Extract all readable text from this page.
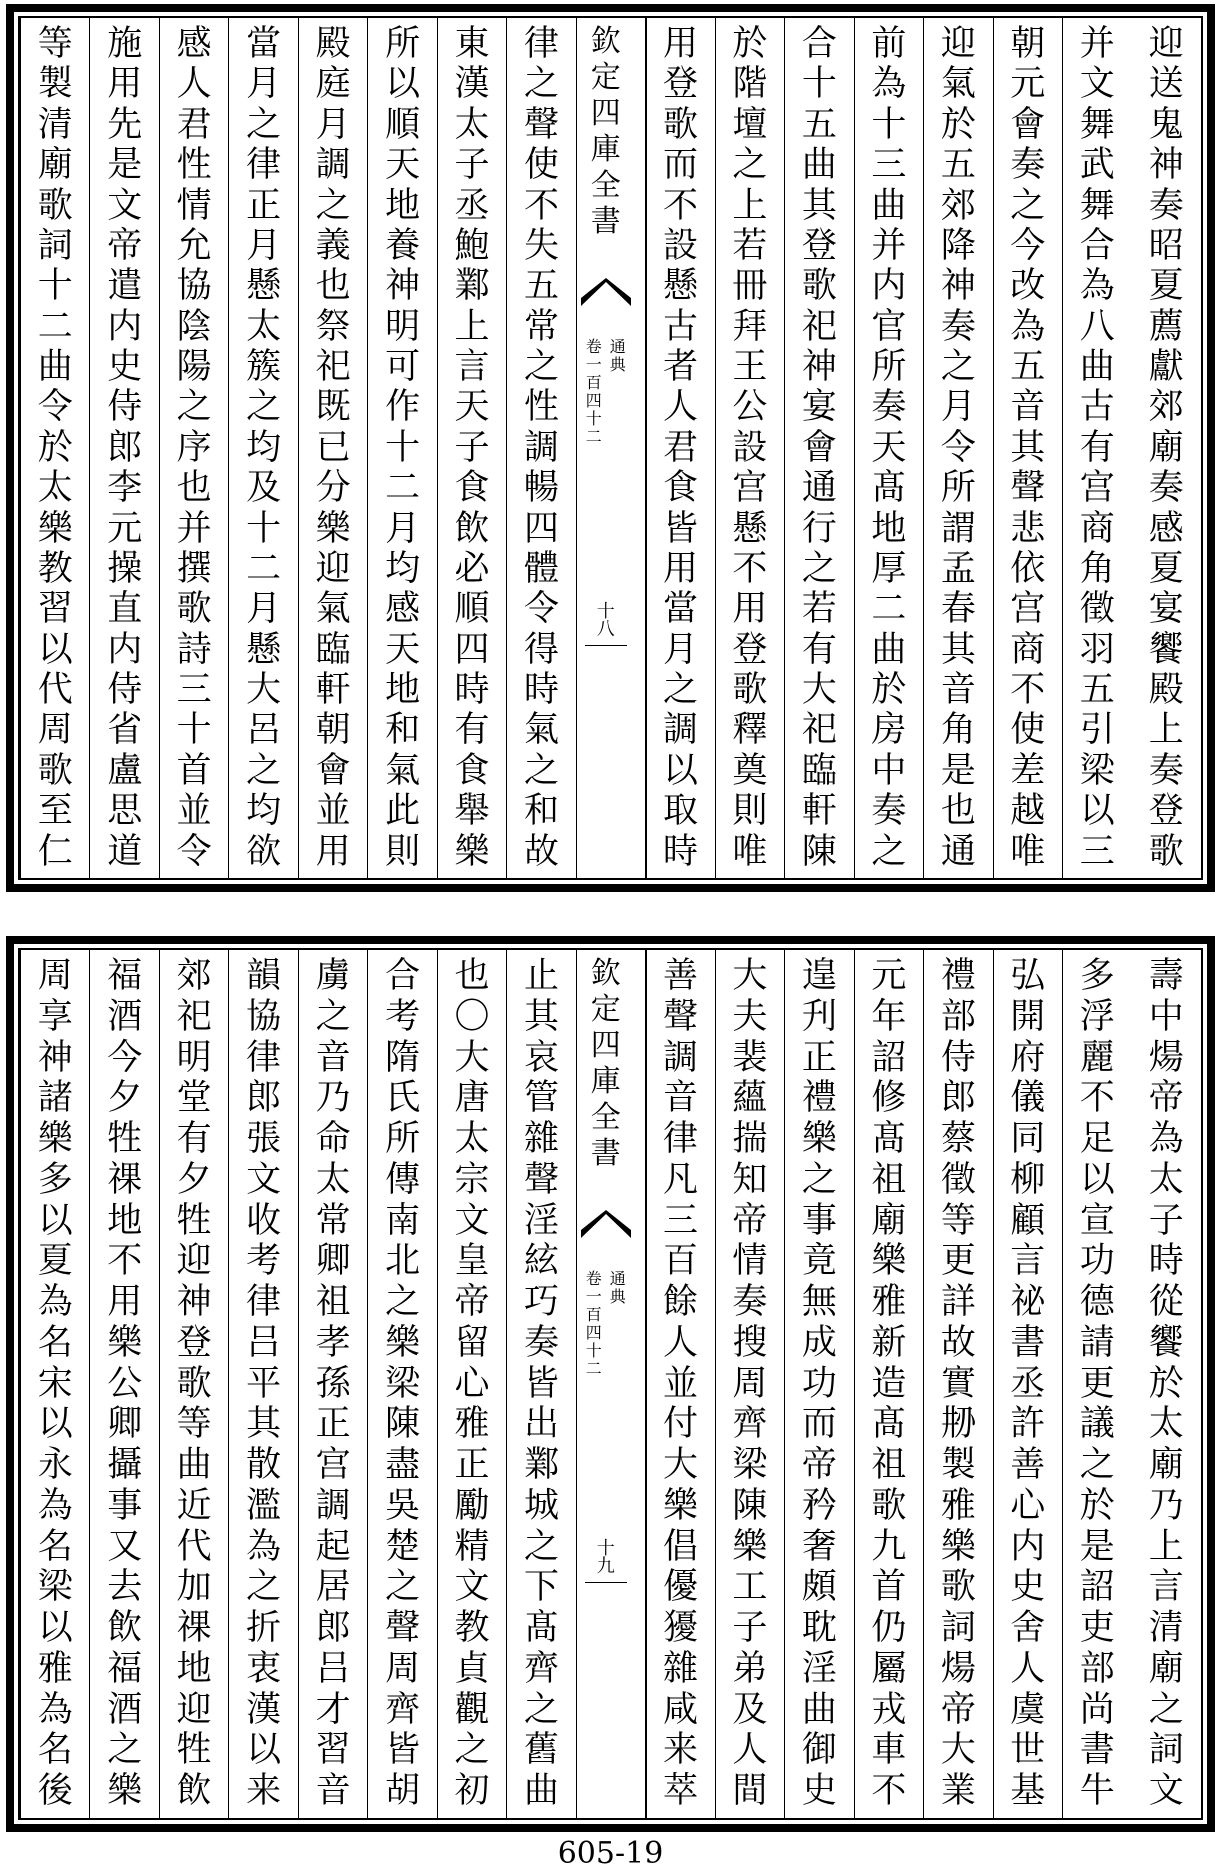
迎
送
鬼
神
奏
昭
夏
薦
獻
郊
廟
奏
感
夏
宴
饗
殿
上
奏
登
歌
并
文
舞
武
舞
合
為
八
曲
古
有
宫
商
角
徵
羽
五
引
梁
以
三
朝
元
會
奏
之
今
改
為
五
音
其
聲
悲
依
宫
商
不
使
差
越
唯
迎
氣
於
五
郊
降
神
奏
之
月
令
所
謂
孟
春
其
音
角
是
也
通
前
為
十
三
曲
并
内
官
所
奏
天
髙
地
厚
二
曲
於
房
中
奏
之
合
十
五
曲
其
登
歌
祀
神
宴
會
通
行
之
若
有
大
祀
臨
軒
陳
於
階
壇
之
上
若
冊
拜
王
公
設
宫
懸
不
用
登
歌
釋
奠
則
唯
用
登
歌
而
不
設
懸
古
者
人
君
食
皆
用
當
月
之
調
以
取
時
欽
定
四
庫
全
書
卷
一
百
四
十
二
通
典
十
八
律
之
聲
使
不
失
五
常
之
性
調
暢
四
體
令
得
時
氣
之
和
故
東
漢
太
子
丞
鮑
鄴
上
言
天
子
食
飲
必
順
四
時
有
食
舉
樂
所
以
順
天
地
養
神
明
可
作
十
二
月
均
感
天
地
和
氣
此
則
殿
庭
月
調
之
義
也
祭
祀
既
已
分
樂
迎
氣
臨
軒
朝
會
並
用
當
月
之
律
正
月
懸
太
簇
之
均
及
十
二
月
懸
大
呂
之
均
欲
感
人
君
性
情
允
協
陰
陽
之
序
也
并
撰
歌
詩
三
十
首
並
令
施
用
先
是
文
帝
遣
内
史
侍
郎
李
元
操
直
内
侍
省
盧
思
道
等
製
清
廟
歌
詞
十
二
曲
令
於
太
樂
教
習
以
代
周
歌
至
仁
壽
中
煬
帝
為
太
子
時
從
饗
於
太
廟
乃
上
言
清
廟
之
詞
文
多
浮
麗
不
足
以
宣
功
德
請
更
議
之
於
是
詔
吏
部
尚
書
牛
弘
開
府
儀
同
柳
顧
言
祕
書
丞
許
善
心
内
史
舍
人
虞
世
基
禮
部
侍
郎
蔡
徵
等
更
詳
故
實
刱
製
雅
樂
歌
詞
煬
帝
大
業
元
年
詔
修
髙
祖
廟
樂
雅
新
造
髙
祖
歌
九
首
仍
屬
戎
車
不
遑
刋
正
禮
樂
之
事
竟
無
成
功
而
帝
矜
奢
頗
耽
淫
曲
御
史
大
夫
裴
蘊
揣
知
帝
情
奏
搜
周
齊
梁
陳
樂
工
子
弟
及
人
間
善
聲
調
音
律
凡
三
百
餘
人
並
付
大
樂
倡
優
獶
雜
咸
来
萃
欽
定
四
庫
全
書
卷
一
百
四
十
二
通
典
十
九
止
其
哀
管
雜
聲
淫
絃
巧
奏
皆
出
鄴
城
之
下
髙
齊
之
舊
曲
也
〇
大
唐
太
宗
文
皇
帝
留
心
雅
正
勵
精
文
教
貞
觀
之
初
合
考
隋
氏
所
傳
南
北
之
樂
梁
陳
盡
吳
楚
之
聲
周
齊
皆
胡
虜
之
音
乃
命
太
常
卿
祖
孝
孫
正
宫
調
起
居
郎
吕
才
習
音
韻
協
律
郎
張
文
收
考
律
吕
平
其
散
濫
為
之
折
衷
漢
以
来
郊
祀
明
堂
有
夕
牲
迎
神
登
歌
等
曲
近
代
加
祼
地
迎
牲
飲
福
酒
今
夕
牲
祼
地
不
用
樂
公
卿
攝
事
又
去
飲
福
酒
之
樂
周
享
神
諸
樂
多
以
夏
為
名
宋
以
永
為
名
梁
以
雅
為
名
後
605-19
